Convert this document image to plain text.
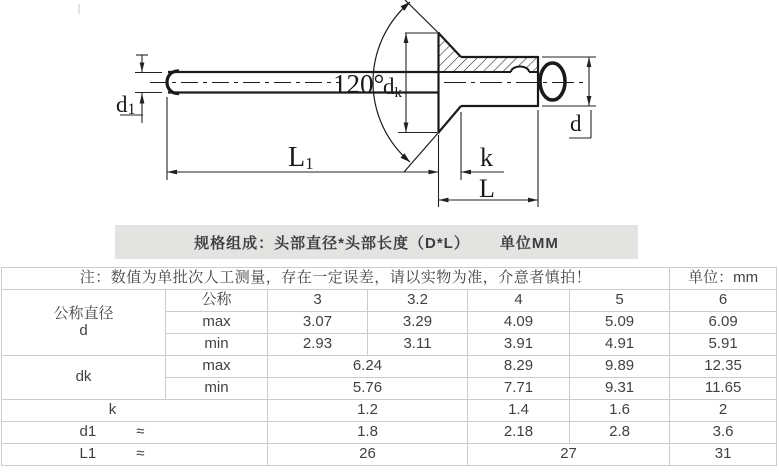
d1
L1	k
L
d
120°
dk
规格组成：头部直径*头部长度（D*L） 单位MM
注：数值为单批次人工测量，存在一定误差，请以实物为准，介意者慎拍！						单位：mm

公称直径
d	公称	3	3.2	4	5	6
	max	3.07	3.29	4.09	5.09	6.09
	min	2.93	3.11	3.91	4.91	5.91
dk	max	6.24		8.29	9.89	12.35
	min	5.76		7.71	9.31	11.65

k		1.2		1.4	1.6	2

d1 ≈		1.8		2.18	2.8	3.6

L1 ≈		26		27		31
